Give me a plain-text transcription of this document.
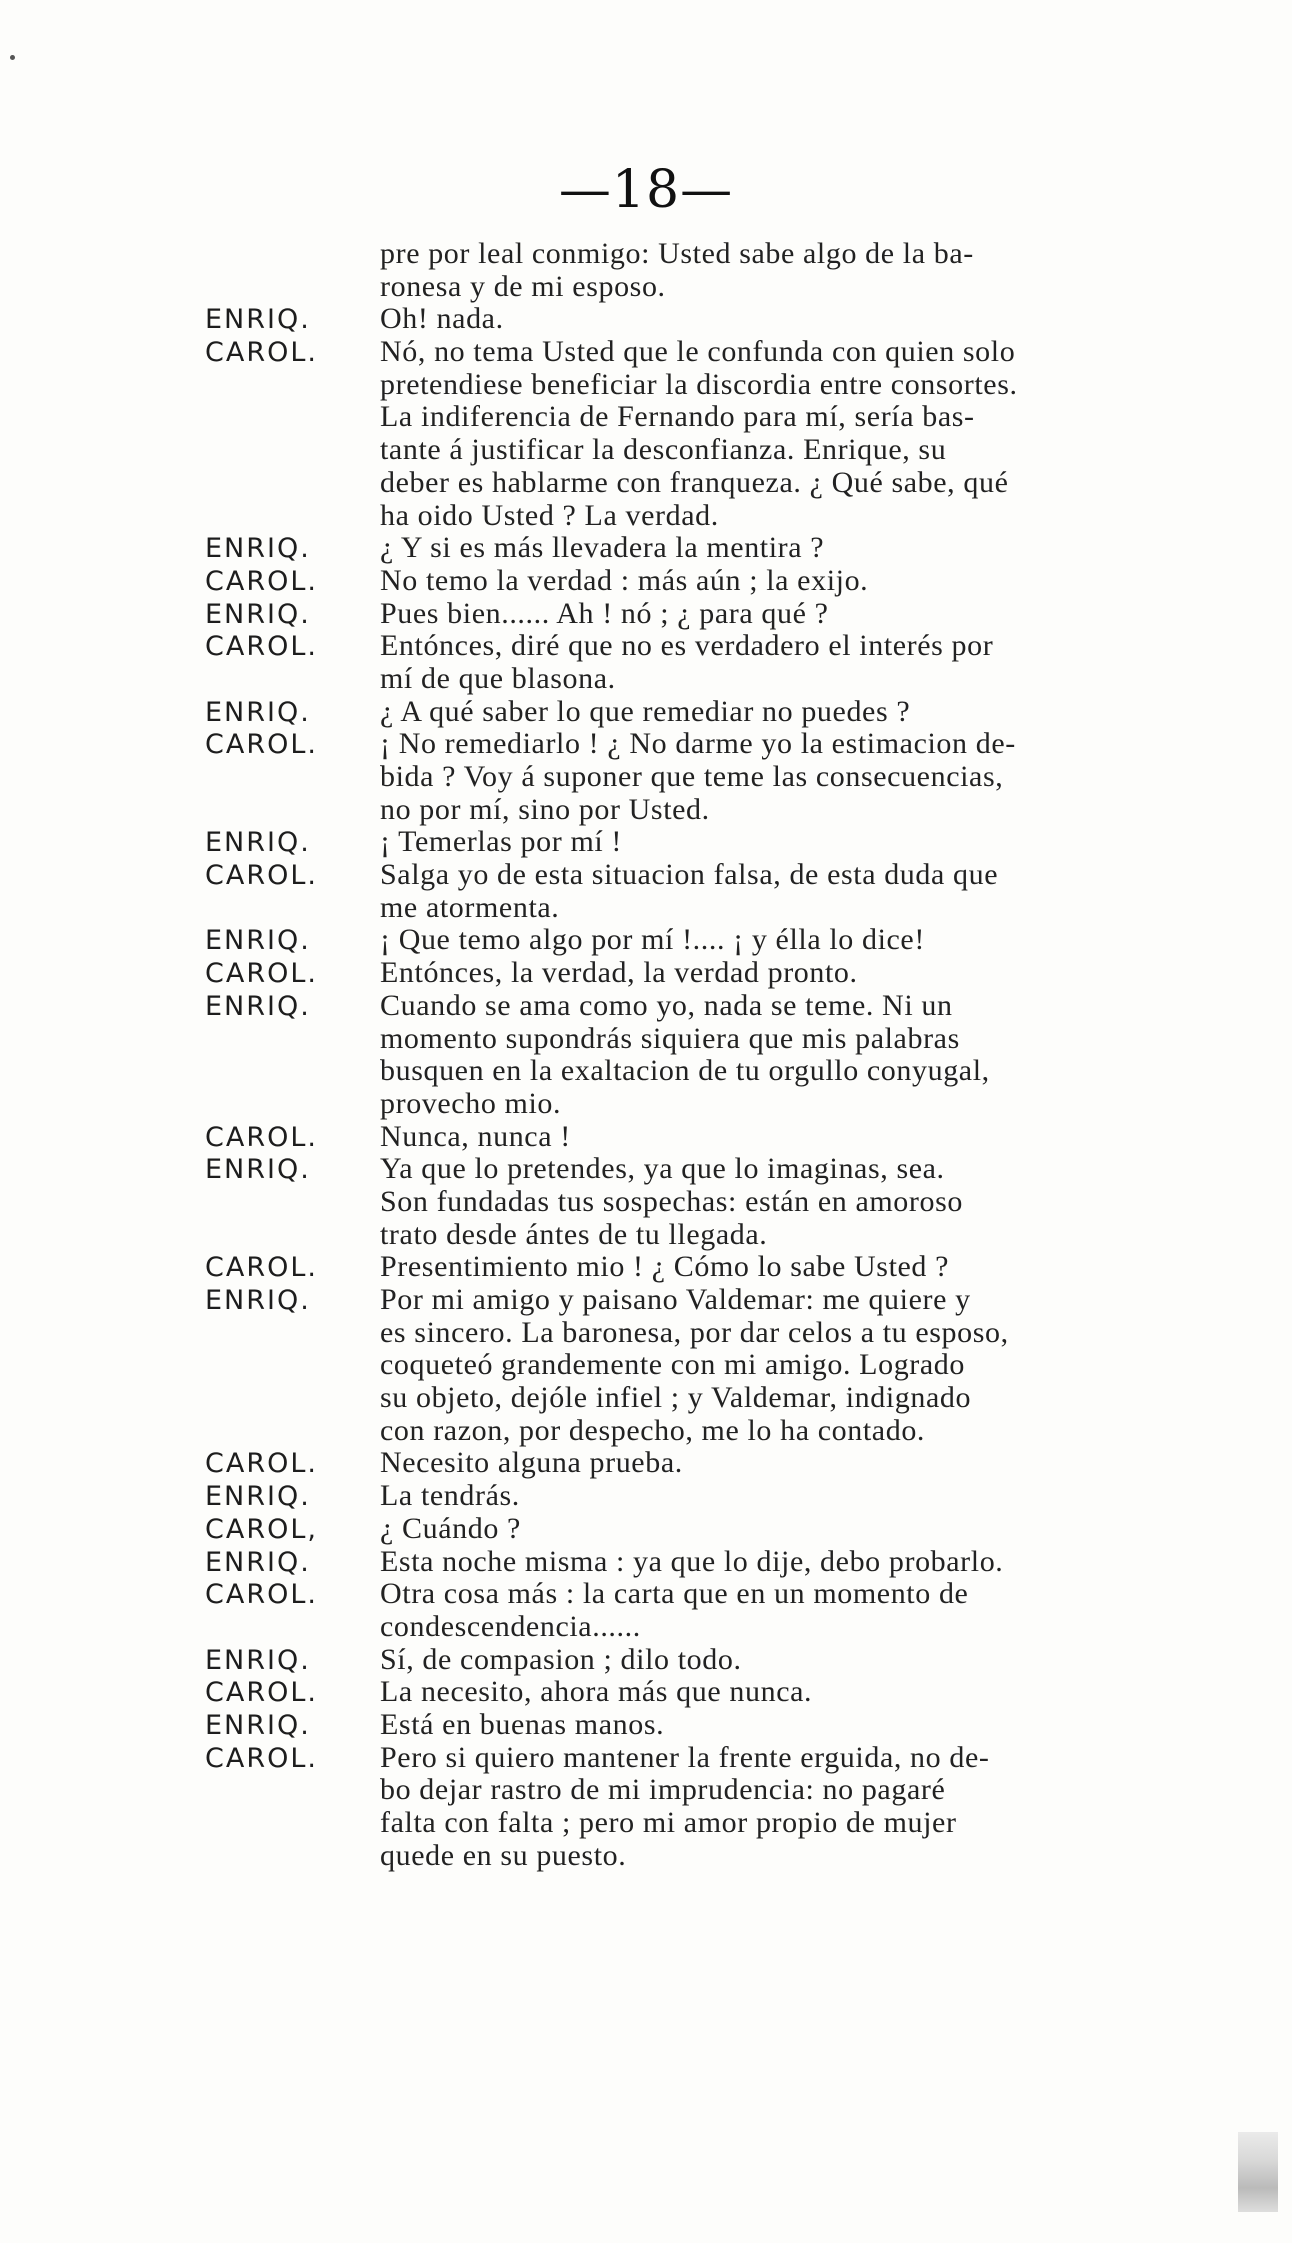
—18—
pre por leal conmigo: Usted sabe algo de la ba-
ronesa y de mi esposo.
ENRIQ.	Oh! nada.
CAROL.	Nó, no tema Usted que le confunda con quien solo
pretendiese beneficiar la discordia entre consortes.
La indiferencia de Fernando para mí, sería bas-
tante á justificar la desconfianza. Enrique, su
deber es hablarme con franqueza. ¿ Qué sabe, qué
ha oido Usted ? La verdad.
ENRIQ.	¿ Y si es más llevadera la mentira ?
CAROL.	No temo la verdad : más aún ; la exijo.
ENRIQ.	Pues bien...... Ah ! nó ; ¿ para qué ?
CAROL.	Entónces, diré que no es verdadero el interés por
mí de que blasona.
ENRIQ.	¿ A qué saber lo que remediar no puedes ?
CAROL.	¡ No remediarlo ! ¿ No darme yo la estimacion de-
bida ? Voy á suponer que teme las consecuencias,
no por mí, sino por Usted.
ENRIQ.	¡ Temerlas por mí !
CAROL.	Salga yo de esta situacion falsa, de esta duda que
me atormenta.
ENRIQ.	¡ Que temo algo por mí !.... ¡ y élla lo dice!
CAROL.	Entónces, la verdad, la verdad pronto.
ENRIQ.	Cuando se ama como yo, nada se teme. Ni un
momento supondrás siquiera que mis palabras
busquen en la exaltacion de tu orgullo conyugal,
provecho mio.
CAROL.	Nunca, nunca !
ENRIQ.	Ya que lo pretendes, ya que lo imaginas, sea.
Son fundadas tus sospechas: están en amoroso
trato desde ántes de tu llegada.
CAROL.	Presentimiento mio ! ¿ Cómo lo sabe Usted ?
ENRIQ.	Por mi amigo y paisano Valdemar: me quiere y
es sincero. La baronesa, por dar celos a tu esposo,
coqueteó grandemente con mi amigo. Logrado
su objeto, dejóle infiel ; y Valdemar, indignado
con razon, por despecho, me lo ha contado.
CAROL.	Necesito alguna prueba.
ENRIQ.	La tendrás.
CAROL,	¿ Cuándo ?
ENRIQ.	Esta noche misma : ya que lo dije, debo probarlo.
CAROL.	Otra cosa más : la carta que en un momento de
condescendencia......
ENRIQ.	Sí, de compasion ; dilo todo.
CAROL.	La necesito, ahora más que nunca.
ENRIQ.	Está en buenas manos.
CAROL.	Pero si quiero mantener la frente erguida, no de-
bo dejar rastro de mi imprudencia: no pagaré
falta con falta ; pero mi amor propio de mujer
quede en su puesto.
